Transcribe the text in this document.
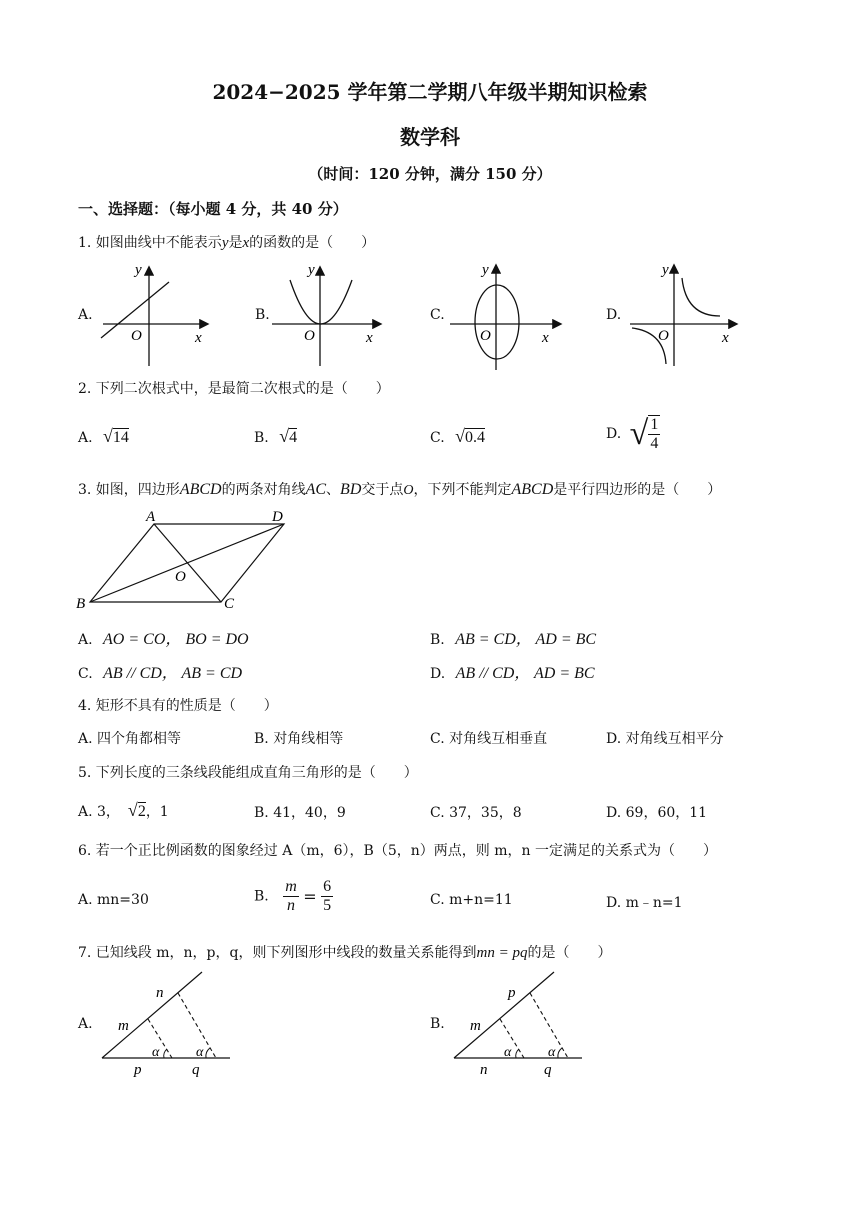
2024−2025 学年第二学期八年级半期知识检索
数学科
（时间：120 分钟，满分 150 分）
一、选择题：（每小题 4 分，共 40 分）
1. 如图曲线中不能表示y是x的函数的是（　　）
A.	B.	C.	D.
y
O	x
y
O	x
y
O	x
y
O	x
2. 下列二次根式中，是最简二次根式的是（　　）
A. √14	B. √4	C. √0.4	D. √ $\frac{1}{4}$
3. 如图，四边形ABCD的两条对角线AC、BD交于点O，下列不能判定ABCD是平行四边形的是（　　）
A	D
B	C
O
A. AO = CO， BO = DO	B. AB = CD， AD = BC
C. AB // CD， AB = CD	D. AB // CD， AD = BC
4. 矩形不具有的性质是（　　）
A. 四个角都相等	B. 对角线相等	C. 对角线互相垂直	D. 对角线互相平分
5. 下列长度的三条线段能组成直角三角形的是（　　）
A. 3， √2，1	B. 41，40，9	C. 37，35，8	D. 69，60，11
6. 若一个正比例函数的图象经过 A（m，6），B（5，n）两点，则 m，n 一定满足的关系式为（　　）
A. mn=30	B. $\frac{m}{n} = \frac{6}{5}$	C. m+n=11	D. m﹣n=1
7. 已知线段 m，n，p，q，则下列图形中线段的数量关系能得到mn = pq的是（　　）
A.	B.
n
m
α	α
p	q
p
m
α	α
n	q
